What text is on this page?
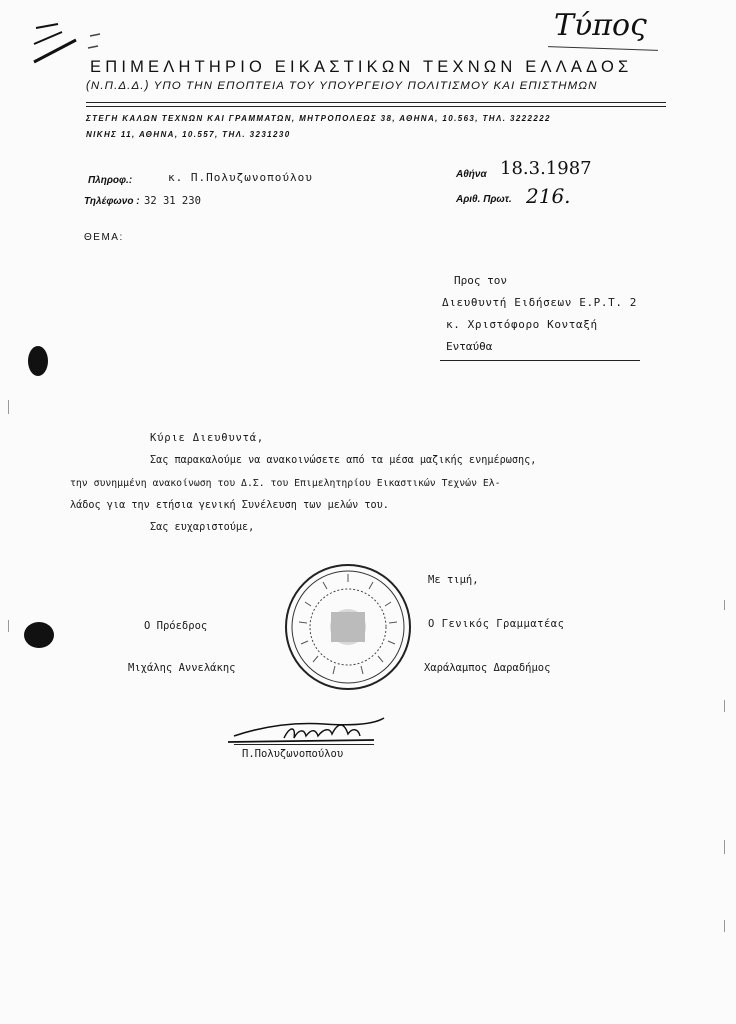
Τύπος
ΕΠΙΜΕΛΗΤΗΡΙΟ ΕΙΚΑΣΤΙΚΩΝ ΤΕΧΝΩΝ ΕΛΛΑΔΟΣ
(Ν.Π.Δ.Δ.) ΥΠΟ ΤΗΝ ΕΠΟΠΤΕΙΑ ΤΟΥ ΥΠΟΥΡΓΕΙΟΥ ΠΟΛΙΤΙΣΜΟΥ ΚΑΙ ΕΠΙΣΤΗΜΩΝ
ΣΤΕΓΗ ΚΑΛΩΝ ΤΕΧΝΩΝ ΚΑΙ ΓΡΑΜΜΑΤΩΝ, ΜΗΤΡΟΠΟΛΕΩΣ 38, ΑΘΗΝΑ, 10.563, ΤΗΛ. 3222222
ΝΙΚΗΣ 11, ΑΘΗΝΑ, 10.557, ΤΗΛ. 3231230
Πληροφ.:	κ. Π.Πολυζωνοπούλου
Τηλέφωνο : 32 31 230
ΘΕΜΑ:
Αθήνα 18.3.1987
Αριθ. Πρωτ. 216.
Προς τον
Διευθυντή Ειδήσεων Ε.Ρ.Τ. 2
κ. Χριστόφορο Κονταξή
Ενταύθα
Κύριε Διευθυντά,
Σας παρακαλούμε να ανακοινώσετε από τα μέσα μαζικής ενημέρωσης,
την συνημμένη ανακοίνωση του Δ.Σ. του Επιμελητηρίου Εικαστικών Τεχνών Ελ-
λάδος για την ετήσια γενική Συνέλευση των μελών του.
Σας ευχαριστούμε,
Με τιμή,
Ο Πρόεδρος
Μιχάλης Αννελάκης
Ο Γενικός Γραμματέας
Χαράλαμπος Δαραδήμος
Π.Πολυζωνοπούλου
